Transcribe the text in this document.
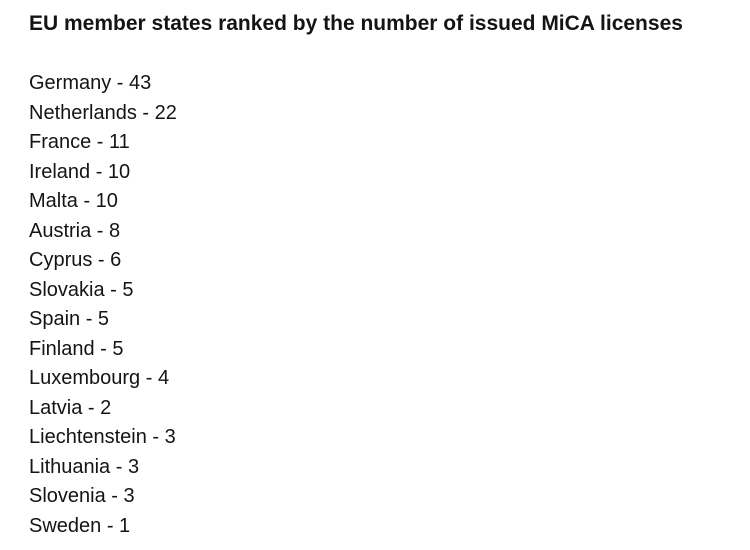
EU member states ranked by the number of issued MiCA licenses
Germany - 43
Netherlands - 22
France - 11
Ireland - 10
Malta - 10
Austria - 8
Cyprus - 6
Slovakia - 5
Spain - 5
Finland - 5
Luxembourg - 4
Latvia - 2
Liechtenstein - 3
Lithuania - 3
Slovenia - 3
Sweden - 1
